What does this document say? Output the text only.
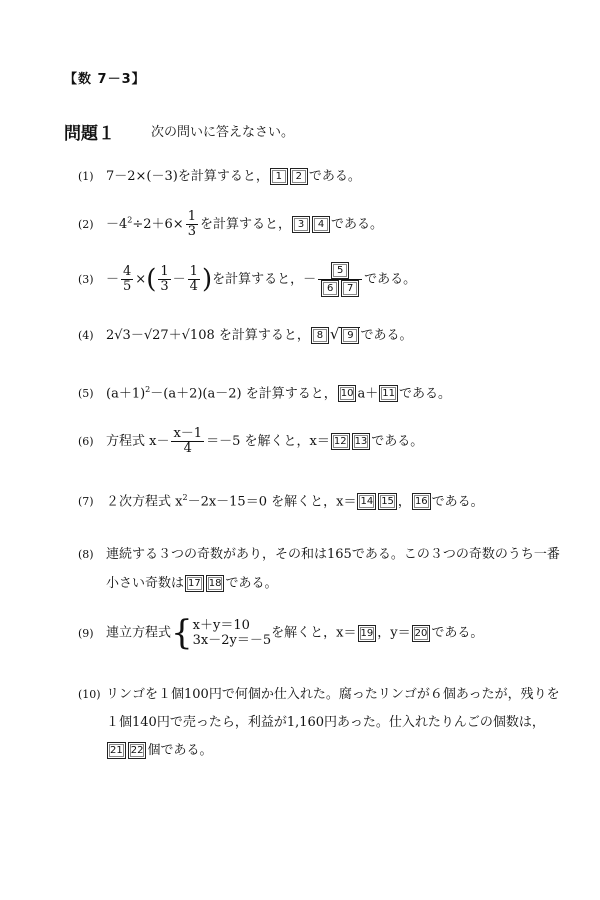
【数 7－3】
問題１	次の問いに答えなさい。
(1) 7－2×(－3)を計算すると， 1 2 である。
$(2) -4^2\div 2+6\times \frac{1}{3}$ を計算すると， 3 4 である。
$(3) - \frac{4}{5}$ ×( $\frac{1}{3} - \frac{1}{4}$ )を計算すると，－ $\frac{5}{6 7}$ である。
(4) 2√3－√27＋√108 を計算すると， 8 √ 9 である。
(5) $(a+1)^2-(a+2)(a-2)$ を計算すると， 10 a＋ 11 である。
(6) 方程式 $x- \frac{x-1}{4} =-5$ を解くと，x＝ 12 13 である。
(7) ２次方程式 $x^2-2x-15=0$ を解くと，x＝ 14 15 ， 16 である。
(8) 連続する３つの奇数があり，その和は165である。この３つの奇数のうち一番
小さい奇数は 17 18 である。
(9) 連立方程式{ x＋y＝10
3x－2y＝－5 を解くと，x＝ 19 ，y＝ 20 である。
(10) リンゴを１個100円で何個か仕入れた。腐ったリンゴが６個あったが，残りを
１個140円で売ったら，利益が1,160円あった。仕入れたりんごの個数は，
21 22 個である。
